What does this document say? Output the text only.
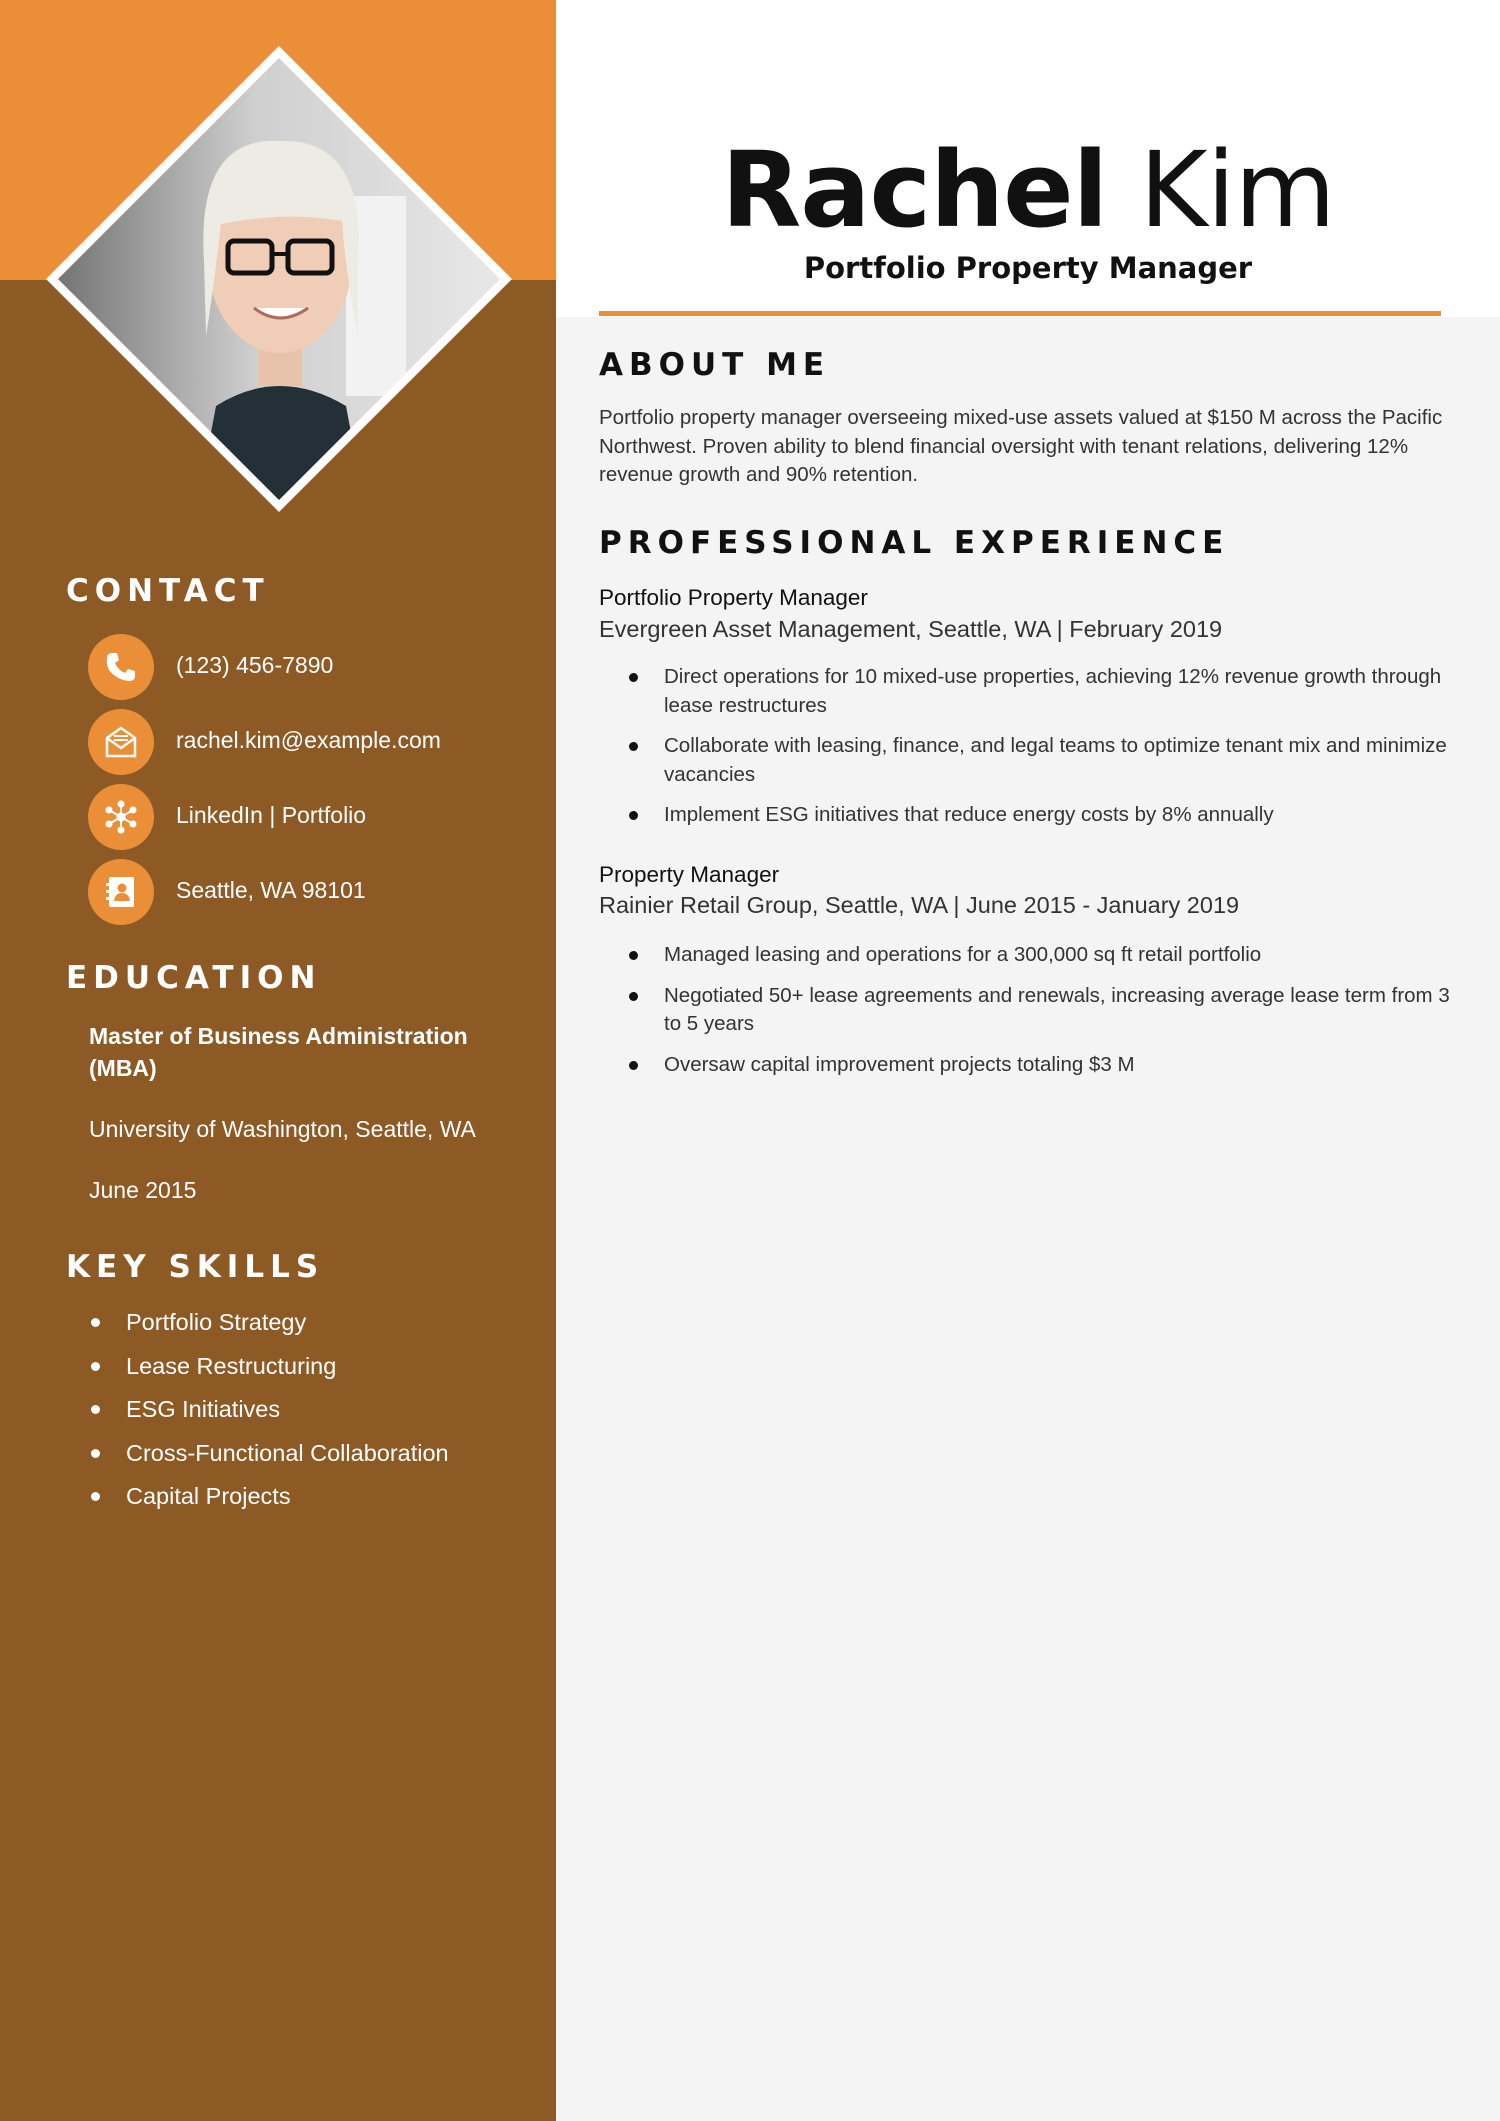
Rachel Kim
Portfolio Property Manager
CONTACT
(123) 456-7890
rachel.kim@example.com
LinkedIn | Portfolio
Seattle, WA 98101
EDUCATION
Master of Business Administration (MBA)
University of Washington, Seattle, WA
June 2015
KEY SKILLS
Portfolio Strategy
Lease Restructuring
ESG Initiatives
Cross-Functional Collaboration
Capital Projects
ABOUT ME
Portfolio property manager overseeing mixed-use assets valued at $150 M across the Pacific Northwest. Proven ability to blend financial oversight with tenant relations, delivering 12% revenue growth and 90% retention.
PROFESSIONAL EXPERIENCE
Portfolio Property Manager
Evergreen Asset Management, Seattle, WA | February 2019
Direct operations for 10 mixed-use properties, achieving 12% revenue growth through lease restructures
Collaborate with leasing, finance, and legal teams to optimize tenant mix and minimize vacancies
Implement ESG initiatives that reduce energy costs by 8% annually
Property Manager
Rainier Retail Group, Seattle, WA | June 2015 - January 2019
Managed leasing and operations for a 300,000 sq ft retail portfolio
Negotiated 50+ lease agreements and renewals, increasing average lease term from 3 to 5 years
Oversaw capital improvement projects totaling $3 M
